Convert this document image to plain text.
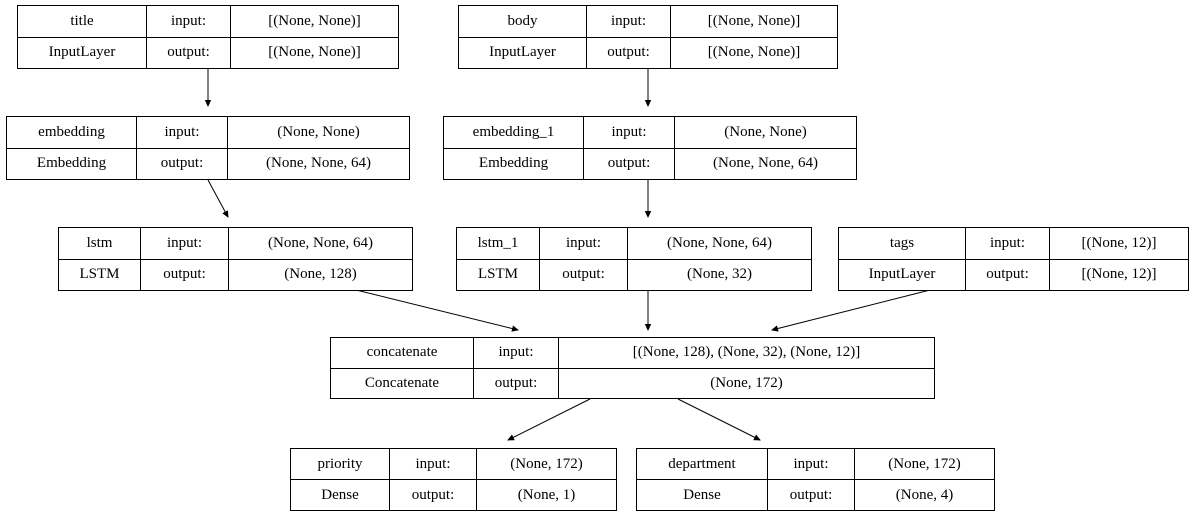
title	input:	[(None, None)]
InputLayer	output:	[(None, None)]
body	input:	[(None, None)]
InputLayer	output:	[(None, None)]
embedding	input:	(None, None)
Embedding	output:	(None, None, 64)
embedding_1	input:	(None, None)
Embedding	output:	(None, None, 64)
lstm	input:	(None, None, 64)
LSTM	output:	(None, 128)
lstm_1	input:	(None, None, 64)
LSTM	output:	(None, 32)
tags	input:	[(None, 12)]
InputLayer	output:	[(None, 12)]
concatenate	input:	[(None, 128), (None, 32), (None, 12)]
Concatenate	output:	(None, 172)
priority	input:	(None, 172)
Dense	output:	(None, 1)
department	input:	(None, 172)
Dense	output:	(None, 4)
